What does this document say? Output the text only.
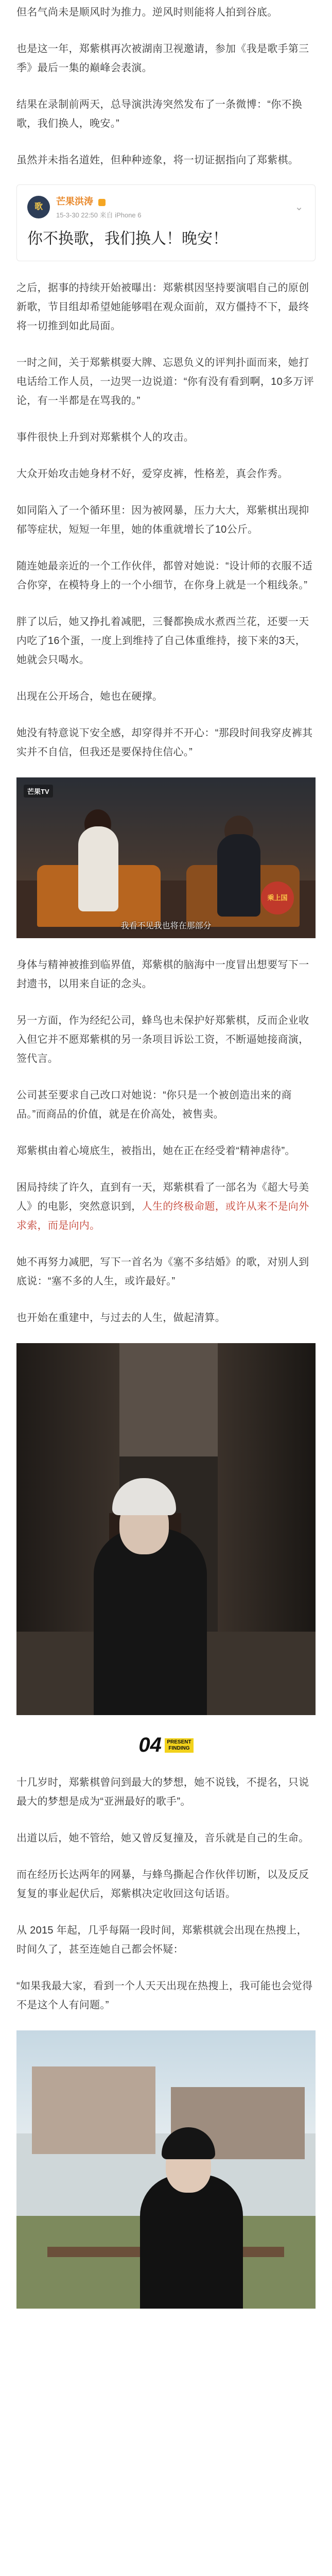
但名气尚未是顺风时为推力。逆风时则能将人拍到谷底。

也是这一年，郑紫棋再次被湖南卫视邀请，参加《我是歌手第三季》最后一集的巅峰会表演。

结果在录制前两天，总导演洪涛突然发布了一条微博：“你不换歌，我们换人，晚安。”

虽然并未指名道姓，但种种迹象，将一切证据指向了郑紫棋。

歌	芒果洪涛
15-3-30 22:50 来自 iPhone 6
⌄
你不换歌，我们换人！晚安！

之后，据事的持续开始被曝出：郑紫棋因坚持要演唱自己的原创新歌，节目组却希望她能够唱在观众面前，双方僵持不下，最终将一切推到如此局面。

一时之间，关于郑紫棋耍大牌、忘恩负义的评判扑面而来，她打电话给工作人员，一边哭一边说道：“你有没有看到啊，10多万评论，有一半都是在骂我的。”

事件很快上升到对郑紫棋个人的攻击。

大众开始攻击她身材不好，爱穿皮裤，性格差，真会作秀。

如同陷入了一个循环里：因为被网暴，压力大大，郑紫棋出现抑郁等症状，短短一年里，她的体重就增长了10公斤。

随连她最亲近的一个工作伙伴，都曾对她说：“设计师的衣服不适合你穿，在模特身上的一个小细节，在你身上就是一个粗线条。”

胖了以后，她又挣扎着减肥，三餐都换成水煮西兰花，还要一天内吃了16个蛋，一度上到维持了自己体重维持，接下来的3天，她就会只喝水。

出现在公开场合，她也在硬撑。

她没有特意说下安全感，却穿得并不开心：“那段时间我穿皮裤其实并不自信，但我还是要保持住信心。”

芒果TV
乘上国
我看不见我也将在那部分

身体与精神被推到临界值，郑紫棋的脑海中一度冒出想要写下一封遗书，以用来自证的念头。

另一方面，作为经纪公司，蜂鸟也未保护好郑紫棋，反而企业收入但它并不愿郑紫棋的另一条项目诉讼工资，不断逼她接商演，签代言。

公司甚至要求自己改口对她说：“你只是一个被创造出来的商品。”而商品的价值，就是在价高处，被售卖。

郑紫棋由着心境底生，被指出，她在正在经受着“精神虐待”。

困局持续了许久，直到有一天，郑紫棋看了一部名为《超大号美人》的电影，突然意识到，人生的终极命题，或许从来不是向外求索，而是向内。

她不再努力减肥，写下一首名为《塞不多结婚》的歌，对别人到底说：“塞不多的人生，或许最好。”

也开始在重建中，与过去的人生，做起清算。

04 PRESENT
FINDING

十几岁时，郑紫棋曾问到最大的梦想，她不说钱，不提名，只说最大的梦想是成为“亚洲最好的歌手”。

出道以后，她不管给，她又曾反复撞及，音乐就是自己的生命。

而在经历长达两年的网暴，与蜂鸟撕起合作伙伴切断，以及反反复复的事业起伏后，郑紫棋决定收回这句话语。

从 2015 年起，几乎每隔一段时间，郑紫棋就会出现在热搜上，时间久了，甚至连她自己都会怀疑：

“如果我最大家，看到一个人天天出现在热搜上，我可能也会觉得不是这个人有问题。”
